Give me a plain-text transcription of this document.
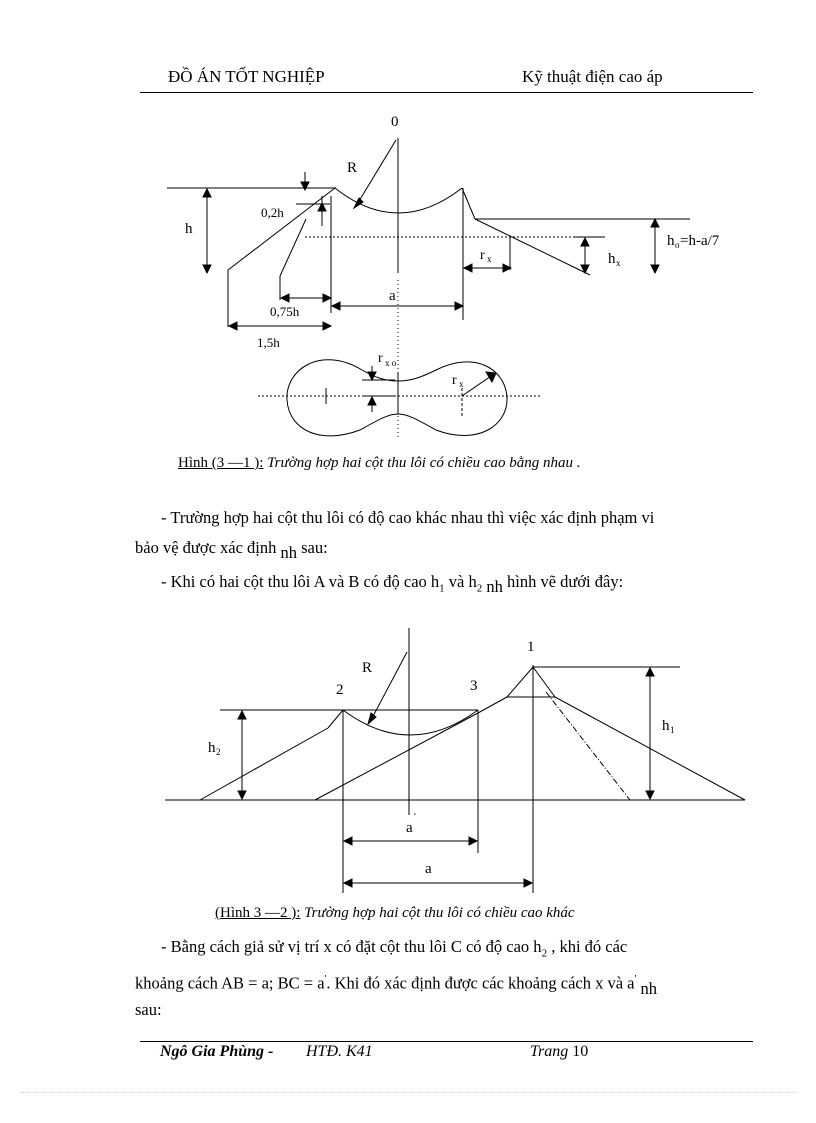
ĐỒ ÁN TỐT NGHIỆP	Kỹ thuật điện cao áp
0
R
h
0,2h
r x	h x
h o =h-a/7
a
0,75h
1,5h
r x o
r x
Hình (3 —1 ): Trường hợp hai cột thu lôi có chiều cao bằng nhau .
- Trường hợp hai cột thu lôi có độ cao khác nhau thì việc xác định phạm vi
bảo vệ được xác định nh sau:
- Khi có hai cột thu lôi A và B có độ cao $h_1$ và $h_2$ nh hình vẽ dưới đây:
R
1
2	3
h 1
h 2
a
'
a
(Hình 3 —2 ): Trường hợp hai cột thu lôi có chiều cao khác
- Bằng cách giả sử vị trí x có đặt cột thu lôi C có độ cao $h_2$ , khi đó các
khoảng cách AB = a; BC = a'. Khi đó xác định được các khoảng cách x và a' nh
sau:
Ngô Gia Phùng - HTĐ. K41	Trang 10
